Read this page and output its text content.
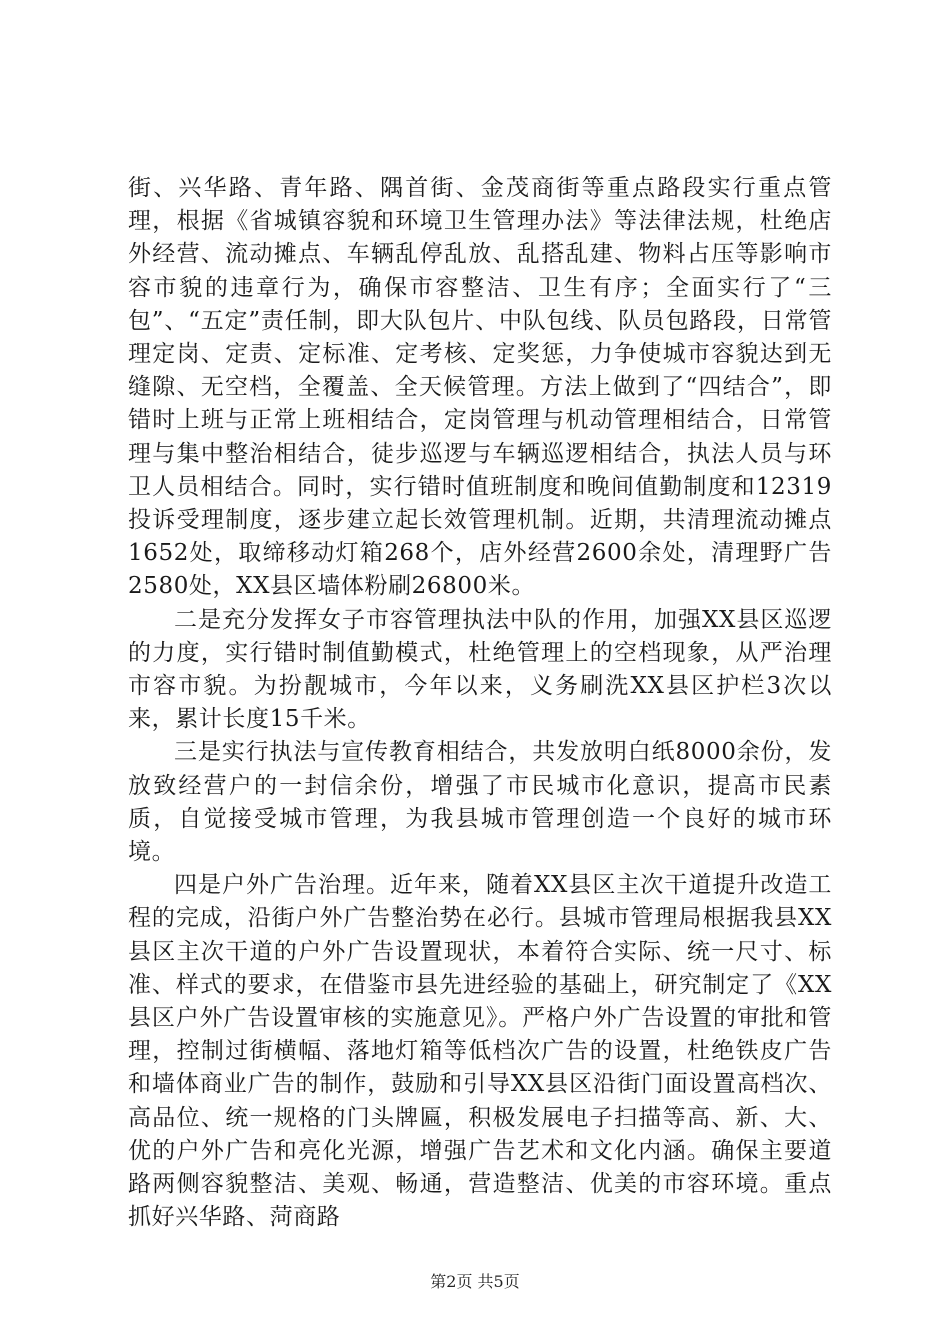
街、兴华路、青年路、隅首街、金茂商街等重点路段实行重点管理，根据《省城镇容貌和环境卫生管理办法》等法律法规，杜绝店外经营、流动摊点、车辆乱停乱放、乱搭乱建、物料占压等影响市容市貌的违章行为，确保市容整洁、卫生有序；全面实行了“三包”、“五定”责任制，即大队包片、中队包线、队员包路段，日常管理定岗、定责、定标准、定考核、定奖惩，力争使城市容貌达到无缝隙、无空档，全覆盖、全天候管理。方法上做到了“四结合”，即错时上班与正常上班相结合，定岗管理与机动管理相结合，日常管理与集中整治相结合，徒步巡逻与车辆巡逻相结合，执法人员与环卫人员相结合。同时，实行错时值班制度和晚间值勤制度和12319投诉受理制度，逐步建立起长效管理机制。近期，共清理流动摊点1652处，取缔移动灯箱268个，店外经营2600余处，清理野广告2580处，XX县区墙体粉刷26800米。

二是充分发挥女子市容管理执法中队的作用，加强XX县区巡逻的力度，实行错时制值勤模式，杜绝管理上的空档现象，从严治理市容市貌。为扮靓城市，今年以来，义务刷洗XX县区护栏3次以来，累计长度15千米。

三是实行执法与宣传教育相结合，共发放明白纸8000余份，发放致经营户的一封信余份，增强了市民城市化意识，提高市民素质，自觉接受城市管理，为我县城市管理创造一个良好的城市环境。

四是户外广告治理。近年来，随着XX县区主次干道提升改造工程的完成，沿街户外广告整治势在必行。县城市管理局根据我县XX县区主次干道的户外广告设置现状，本着符合实际、统一尺寸、标准、样式的要求，在借鉴市县先进经验的基础上，研究制定了《XX县区户外广告设置审核的实施意见》。严格户外广告设置的审批和管理，控制过街横幅、落地灯箱等低档次广告的设置，杜绝铁皮广告和墙体商业广告的制作，鼓励和引导XX县区沿街门面设置高档次、高品位、统一规格的门头牌匾，积极发展电子扫描等高、新、大、优的户外广告和亮化光源，增强广告艺术和文化内涵。确保主要道路两侧容貌整洁、美观、畅通，营造整洁、优美的市容环境。重点抓好兴华路、菏商路

第2页 共5页
